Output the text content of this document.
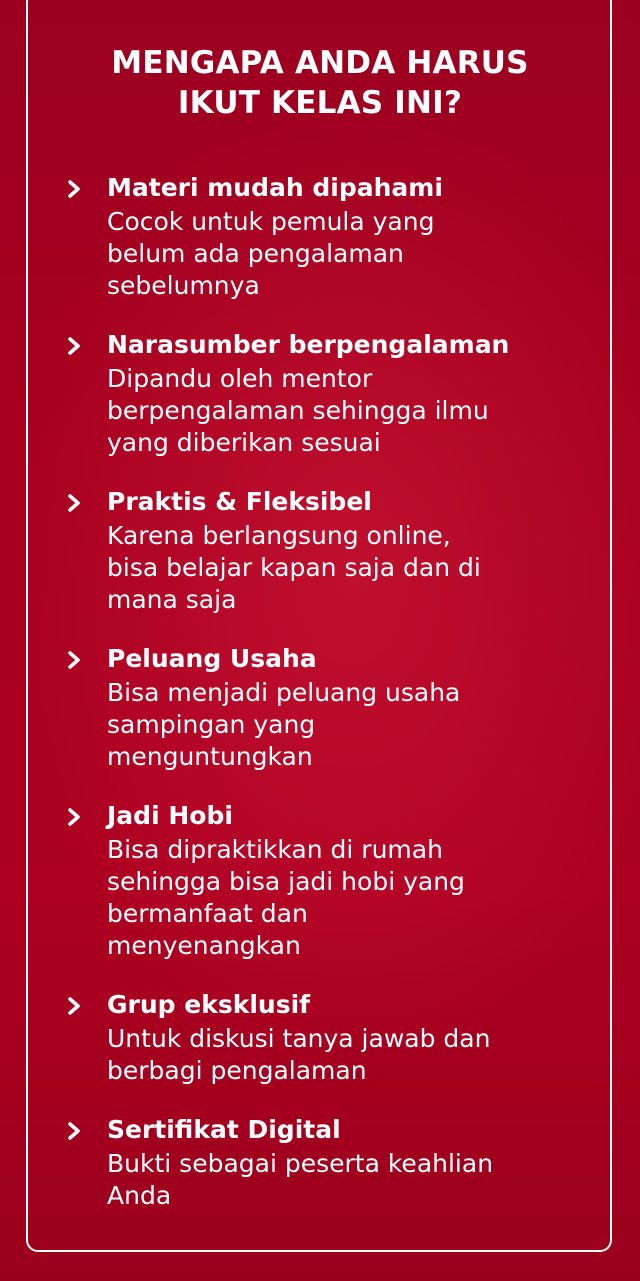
MENGAPA ANDA HARUS
IKUT KELAS INI?
Materi mudah dipahami
Cocok untuk pemula yang
belum ada pengalaman
sebelumnya
Narasumber berpengalaman
Dipandu oleh mentor
berpengalaman sehingga ilmu
yang diberikan sesuai
Praktis & Fleksibel
Karena berlangsung online,
bisa belajar kapan saja dan di
mana saja
Peluang Usaha
Bisa menjadi peluang usaha
sampingan yang
menguntungkan
Jadi Hobi
Bisa dipraktikkan di rumah
sehingga bisa jadi hobi yang
bermanfaat dan
menyenangkan
Grup eksklusif
Untuk diskusi tanya jawab dan
berbagi pengalaman
Sertifikat Digital
Bukti sebagai peserta keahlian
Anda
